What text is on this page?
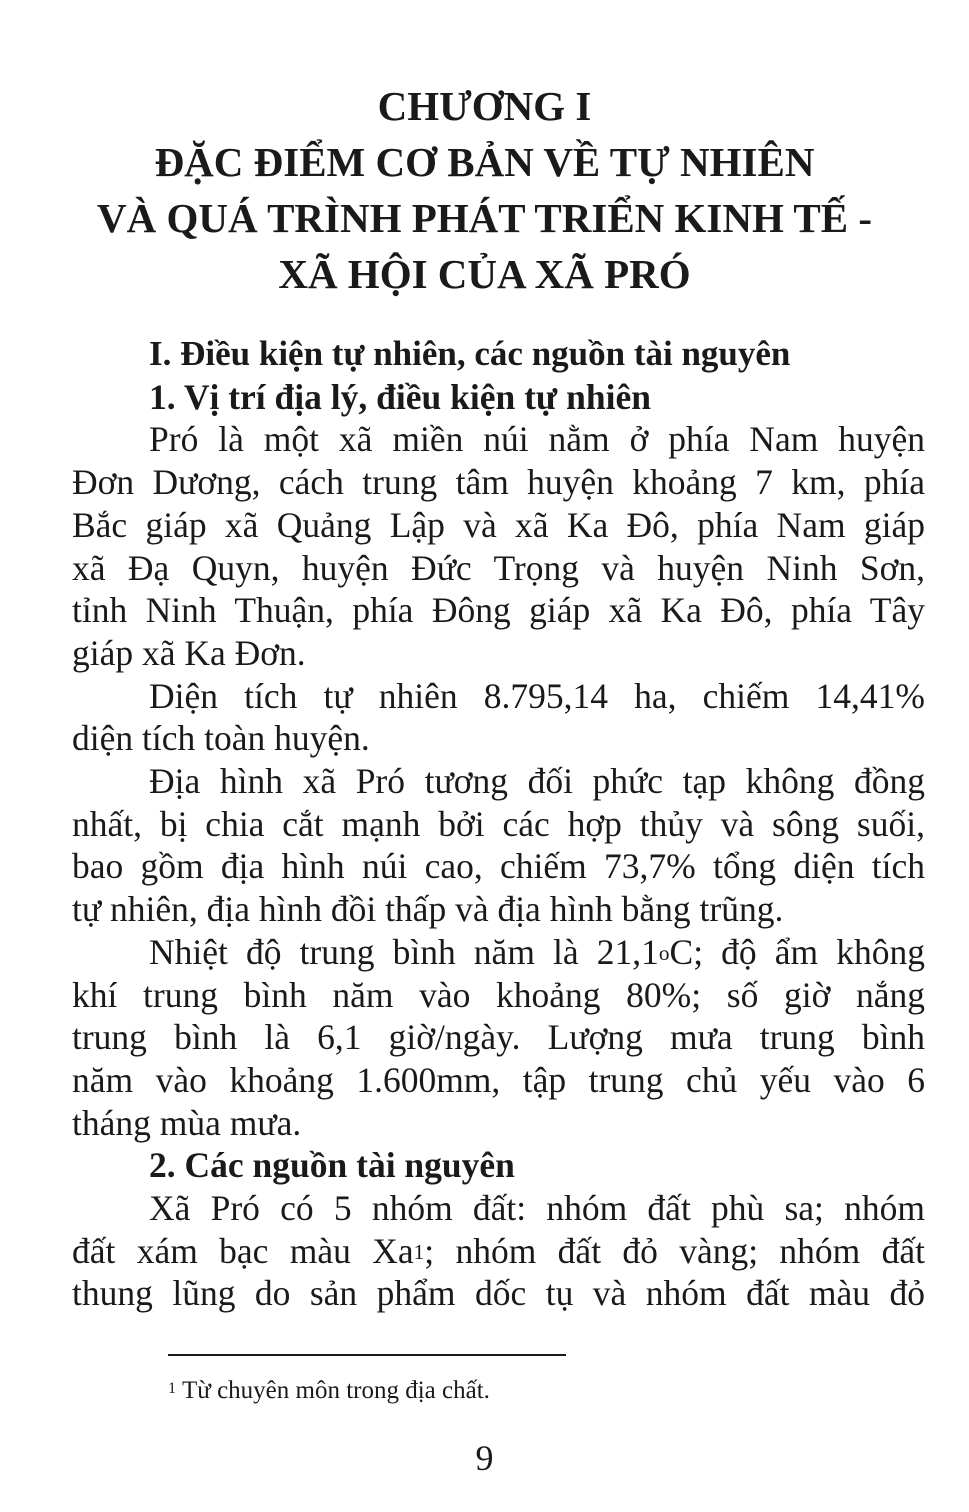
CHƯƠNG I
ĐẶC ĐIỂM CƠ BẢN VỀ TỰ NHIÊN
VÀ QUÁ TRÌNH PHÁT TRIỂN KINH TẾ -
XÃ HỘI CỦA XÃ PRÓ
I. Điều kiện tự nhiên, các nguồn tài nguyên
1. Vị trí địa lý, điều kiện tự nhiên
Pró là một xã miền núi nằm ở phía Nam huyện
Đơn Dương, cách trung tâm huyện khoảng 7 km, phía
Bắc giáp xã Quảng Lập và xã Ka Đô, phía Nam giáp
xã Đạ Quyn, huyện Đức Trọng và huyện Ninh Sơn,
tỉnh Ninh Thuận, phía Đông giáp xã Ka Đô, phía Tây
giáp xã Ka Đơn.
Diện tích tự nhiên 8.795,14 ha, chiếm 14,41%
diện tích toàn huyện.
Địa hình xã Pró tương đối phức tạp không đồng
nhất, bị chia cắt mạnh bởi các hợp thủy và sông suối,
bao gồm địa hình núi cao, chiếm 73,7% tổng diện tích
tự nhiên, địa hình đồi thấp và địa hình bằng trũng.
Nhiệt độ trung bình năm là 21,1$^o$C; độ ẩm không
khí trung bình năm vào khoảng 80%; số giờ nắng
trung bình là 6,1 giờ/ngày. Lượng mưa trung bình
năm vào khoảng 1.600mm, tập trung chủ yếu vào 6
tháng mùa mưa.
2. Các nguồn tài nguyên
Xã Pró có 5 nhóm đất: nhóm đất phù sa; nhóm
đất xám bạc màu Xa$^1$; nhóm đất đỏ vàng; nhóm đất
thung lũng do sản phẩm dốc tụ và nhóm đất màu đỏ
$^1$ Từ chuyên môn trong địa chất.
9
